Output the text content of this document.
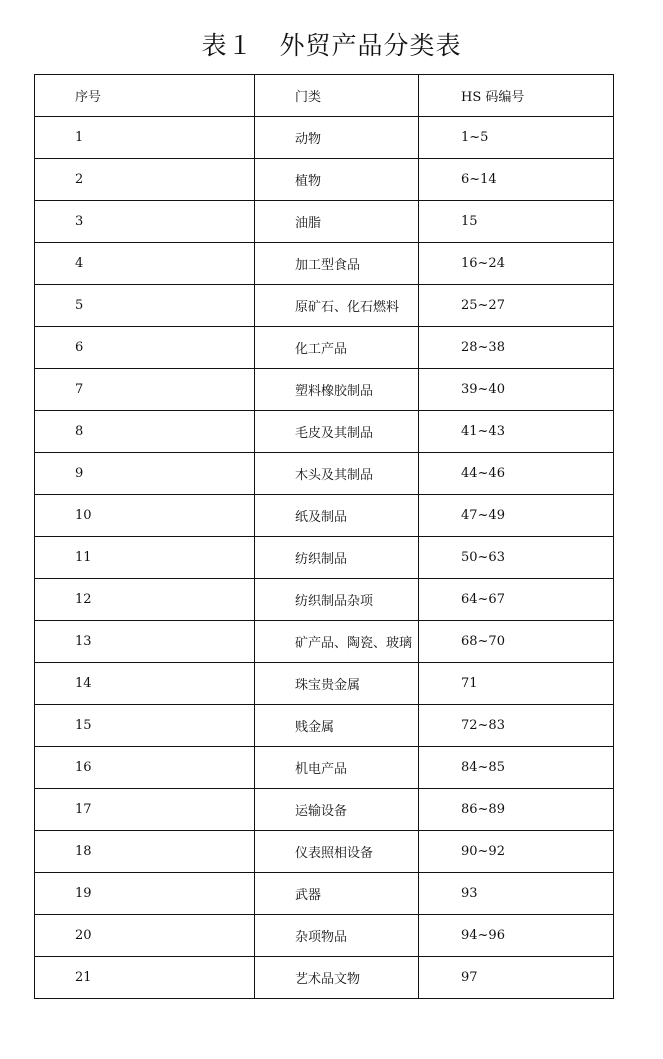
表１　外贸产品分类表
序号	门类	HS 码编号
1	动物	1~5
2	植物	6~14
3	油脂	15
4	加工型食品	16~24
5	原矿石、化石燃料	25~27
6	化工产品	28~38
7	塑料橡胶制品	39~40
8	毛皮及其制品	41~43
9	木头及其制品	44~46
10	纸及制品	47~49
11	纺织制品	50~63
12	纺织制品杂项	64~67
13	矿产品、陶瓷、玻璃	68~70
14	珠宝贵金属	71
15	贱金属	72~83
16	机电产品	84~85
17	运输设备	86~89
18	仪表照相设备	90~92
19	武器	93
20	杂项物品	94~96
21	艺术品文物	97
